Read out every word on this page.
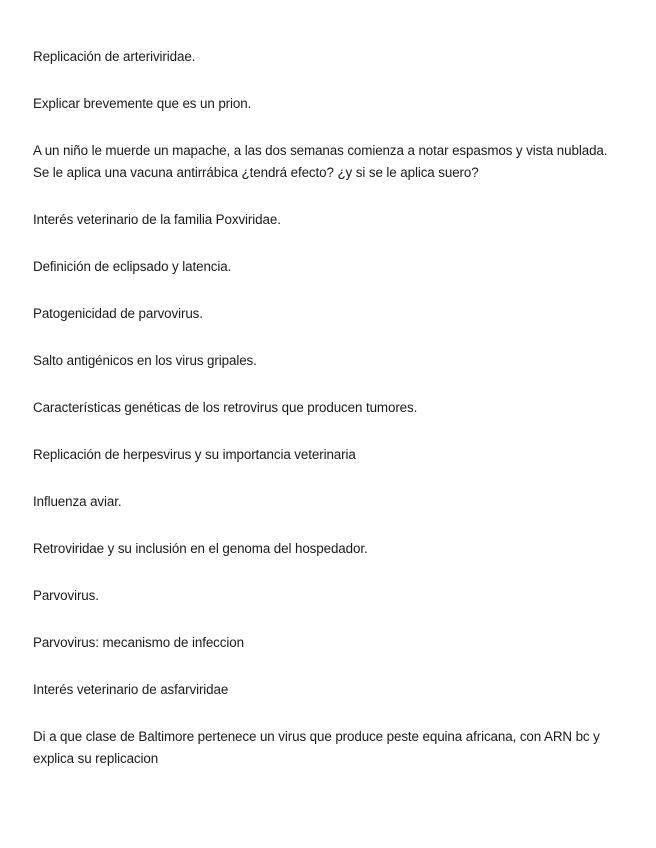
Replicación de arteriviridae.

Explicar brevemente que es un prion.

A un niño le muerde un mapache, a las dos semanas comienza a notar espasmos y vista nublada. Se le aplica una vacuna antirrábica ¿tendrá efecto? ¿y si se le aplica suero?

Interés veterinario de la familia Poxviridae.

Definición de eclipsado y latencia.

Patogenicidad de parvovirus.

Salto antigénicos en los virus gripales.

Características genéticas de los retrovirus que producen tumores.

Replicación de herpesvirus y su importancia veterinaria

Influenza aviar.

Retroviridae y su inclusión en el genoma del hospedador.

Parvovirus.

Parvovirus: mecanismo de infeccion

Interés veterinario de asfarviridae

Di a que clase de Baltimore pertenece un virus que produce peste equina africana, con ARN bc y explica su replicacion
